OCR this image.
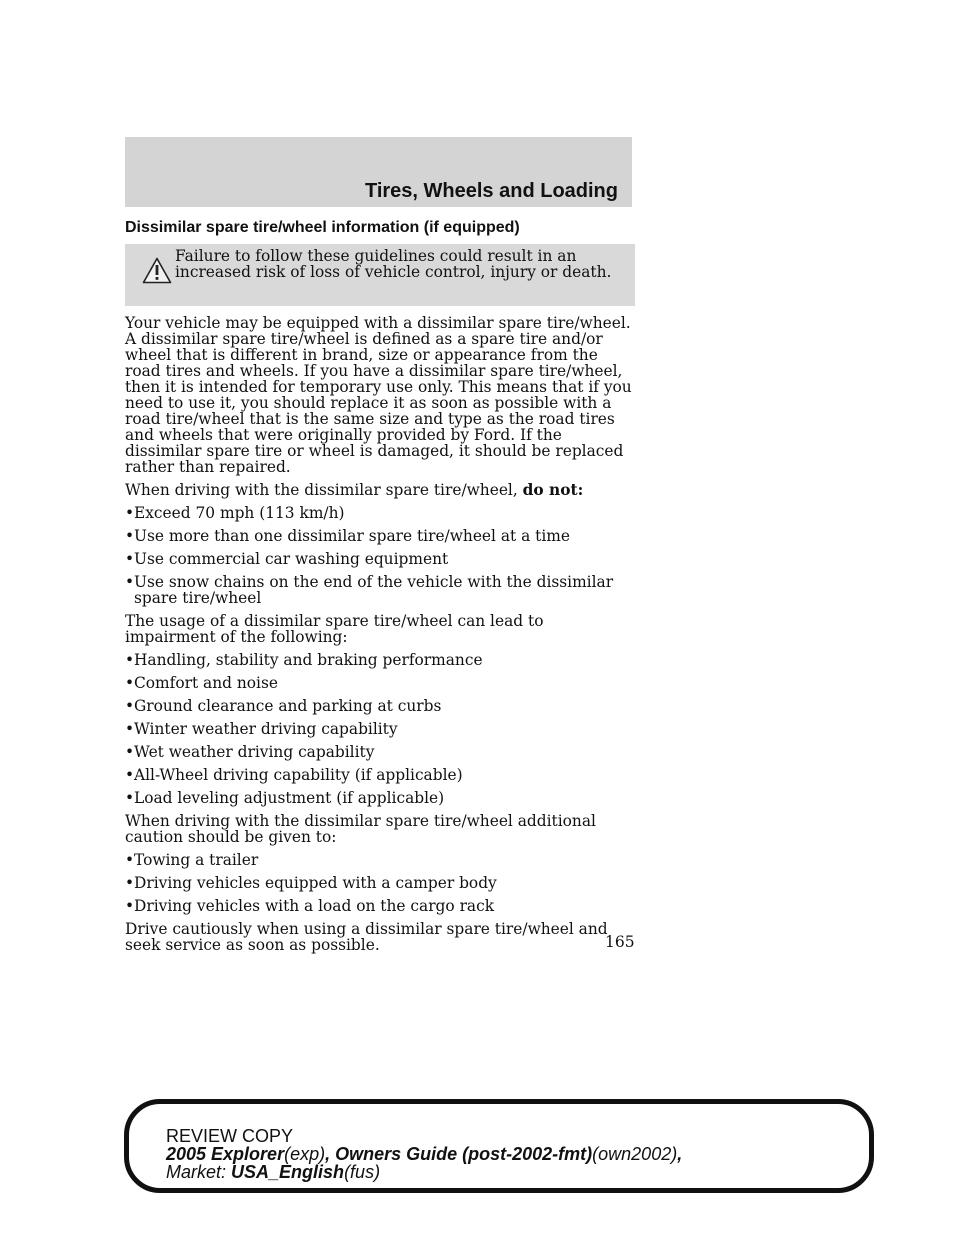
Tires, Wheels and Loading
Dissimilar spare tire/wheel information (if equipped)
Failure to follow these guidelines could result in an increased risk of loss of vehicle control, injury or death.

Your vehicle may be equipped with a dissimilar spare tire/wheel. A dissimilar spare tire/wheel is defined as a spare tire and/or wheel that is different in brand, size or appearance from the road tires and wheels. If you have a dissimilar spare tire/wheel, then it is intended for temporary use only. This means that if you need to use it, you should replace it as soon as possible with a road tire/wheel that is the same size and type as the road tires and wheels that were originally provided by Ford. If the dissimilar spare tire or wheel is damaged, it should be replaced rather than repaired.

When driving with the dissimilar spare tire/wheel, do not:

• Exceed 70 mph (113 km/h)
• Use more than one dissimilar spare tire/wheel at a time
• Use commercial car washing equipment
• Use snow chains on the end of the vehicle with the dissimilar spare tire/wheel

The usage of a dissimilar spare tire/wheel can lead to impairment of the following:

• Handling, stability and braking performance
• Comfort and noise
• Ground clearance and parking at curbs
• Winter weather driving capability
• Wet weather driving capability
• All-Wheel driving capability (if applicable)
• Load leveling adjustment (if applicable)

When driving with the dissimilar spare tire/wheel additional caution should be given to:

• Towing a trailer
• Driving vehicles equipped with a camper body
• Driving vehicles with a load on the cargo rack

Drive cautiously when using a dissimilar spare tire/wheel and seek service as soon as possible.	165
REVIEW COPY
2005 Explorer(exp), Owners Guide (post-2002-fmt)(own2002),
Market: USA_English(fus)
